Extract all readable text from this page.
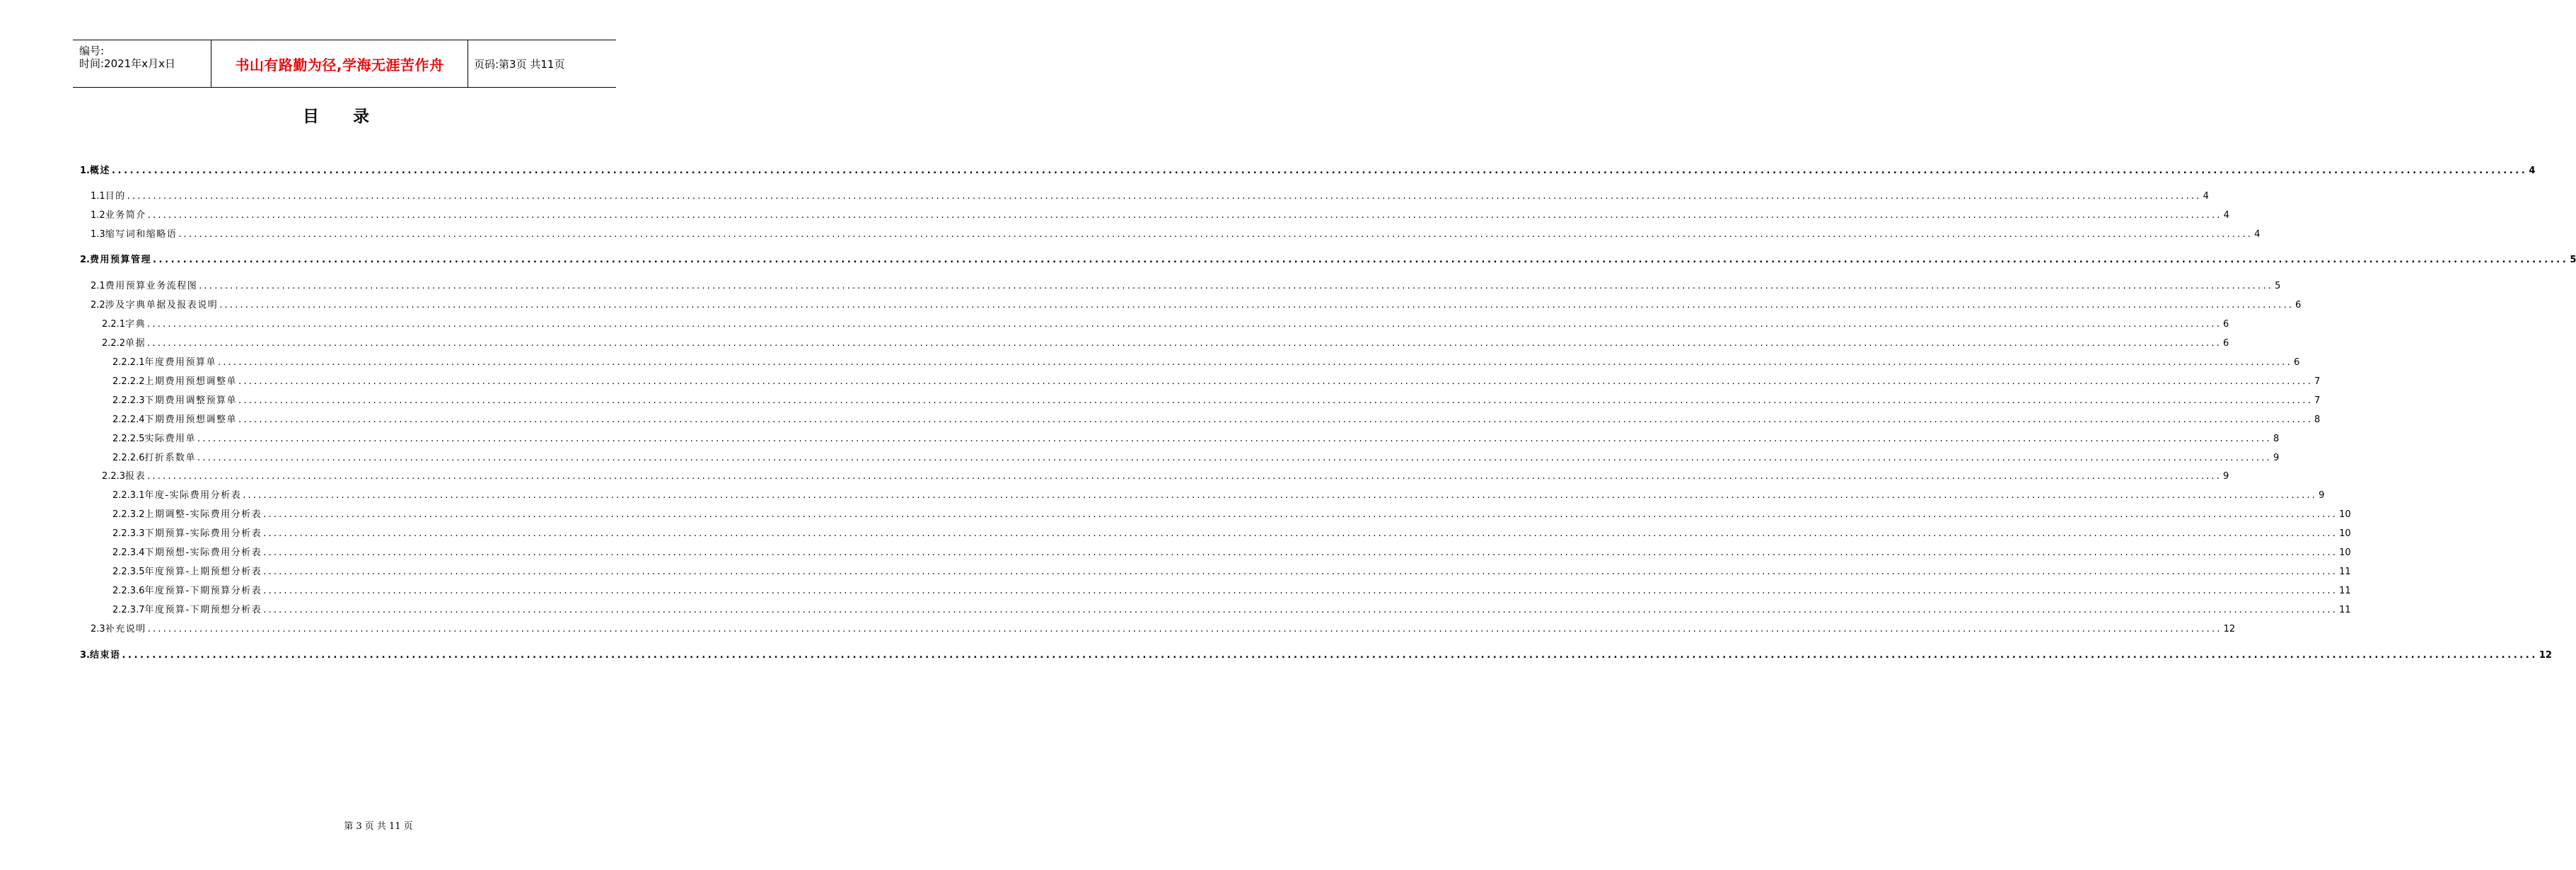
编号:
时间:2021年x月x日	书山有路勤为径,学海无涯苦作舟	页码:第3页 共11页
目录
1. 概述 ................................................................................................................................................................................................................................................................................................................................................................................................................ 4
1.1 目的 ................................................................................................................................................................................................................................................................................................................................................................................................................ 4
1.2 业务简介 ................................................................................................................................................................................................................................................................................................................................................................................................................ 4
1.3 缩写词和缩略语 ................................................................................................................................................................................................................................................................................................................................................................................................................ 4
2. 费用预算管理 ................................................................................................................................................................................................................................................................................................................................................................................................................ 5
2.1 费用预算业务流程图 ................................................................................................................................................................................................................................................................................................................................................................................................................ 5
2.2 涉及字典单据及报表说明 ................................................................................................................................................................................................................................................................................................................................................................................................................ 6
2.2.1 字典 ................................................................................................................................................................................................................................................................................................................................................................................................................ 6
2.2.2 单据 ................................................................................................................................................................................................................................................................................................................................................................................................................ 6
2.2.2.1 年度费用预算单 ................................................................................................................................................................................................................................................................................................................................................................................................................ 6
2.2.2.2 上期费用预想调整单 ................................................................................................................................................................................................................................................................................................................................................................................................................ 7
2.2.2.3 下期费用调整预算单 ................................................................................................................................................................................................................................................................................................................................................................................................................ 7
2.2.2.4 下期费用预想调整单 ................................................................................................................................................................................................................................................................................................................................................................................................................ 8
2.2.2.5 实际费用单 ................................................................................................................................................................................................................................................................................................................................................................................................................ 8
2.2.2.6 打折系数单 ................................................................................................................................................................................................................................................................................................................................................................................................................ 9
2.2.3 报表 ................................................................................................................................................................................................................................................................................................................................................................................................................ 9
2.2.3.1 年度-实际费用分析表 ................................................................................................................................................................................................................................................................................................................................................................................................................ 9
2.2.3.2 上期调整-实际费用分析表 ................................................................................................................................................................................................................................................................................................................................................................................................................ 10
2.2.3.3 下期预算-实际费用分析表 ................................................................................................................................................................................................................................................................................................................................................................................................................ 10
2.2.3.4 下期预想-实际费用分析表 ................................................................................................................................................................................................................................................................................................................................................................................................................ 10
2.2.3.5 年度预算-上期预想分析表 ................................................................................................................................................................................................................................................................................................................................................................................................................ 11
2.2.3.6 年度预算-下期预算分析表 ................................................................................................................................................................................................................................................................................................................................................................................................................ 11
2.2.3.7 年度预算-下期预想分析表 ................................................................................................................................................................................................................................................................................................................................................................................................................ 11
2.3 补充说明 ................................................................................................................................................................................................................................................................................................................................................................................................................ 12
3. 结束语 ................................................................................................................................................................................................................................................................................................................................................................................................................ 12
第 3 页 共 11 页
